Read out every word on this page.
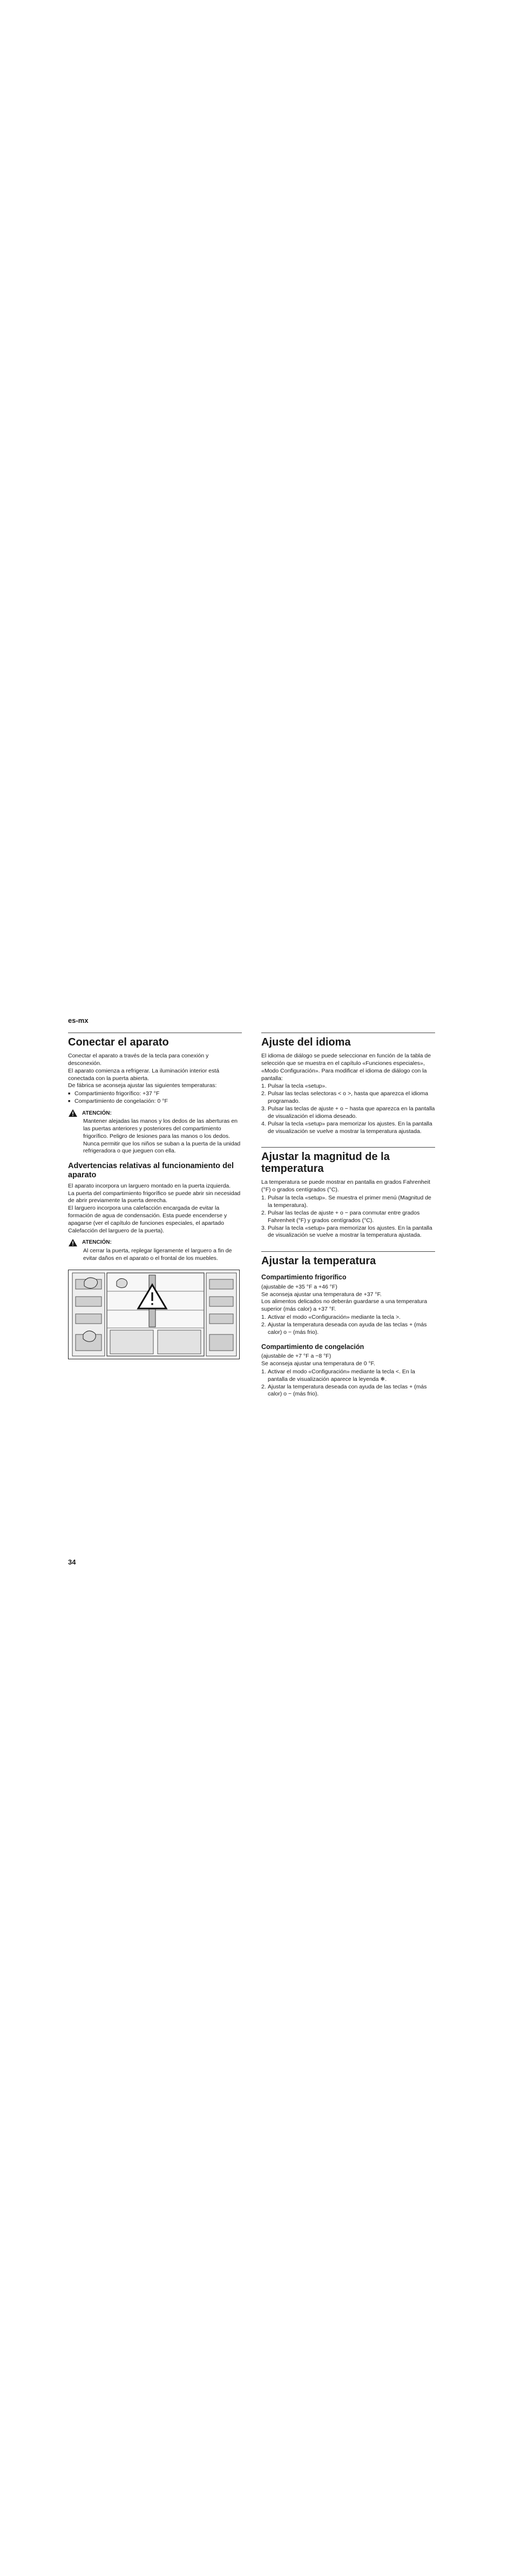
es-mx
Conectar el aparato

Conectar el aparato a través de la tecla para conexión y desconexión.

El aparato comienza a refrigerar. La iluminación interior está conectada con la puerta abierta.

De fábrica se aconseja ajustar las siguientes temperaturas:

■ Compartimiento frigorífico: +37 °F
■ Compartimiento de congelación: 0 °F
ATENCIÓN:
Mantener alejadas las manos y los dedos de las aberturas en las puertas anteriores y posteriores del compartimiento frigorífico. Peligro de lesiones para las manos o los dedos. Nunca permitir que los niños se suban a la puerta de la unidad refrigeradora o que jueguen con ella.
Advertencias relativas al funcionamiento del aparato

El aparato incorpora un larguero montado en la puerta izquierda.

La puerta del compartimiento frigorífico se puede abrir sin necesidad de abrir previamente la puerta derecha.

El larguero incorpora una calefacción encargada de evitar la formación de agua de condensación. Esta puede encenderse y apagarse (ver el capítulo de funciones especiales, el apartado Calefacción del larguero de la puerta).

ATENCIÓN:
Al cerrar la puerta, replegar ligeramente el larguero a fin de evitar daños en el aparato o el frontal de los muebles.
Ajuste del idioma

El idioma de diálogo se puede seleccionar en función de la tabla de selección que se muestra en el capítulo «Funciones especiales», «Modo Configuración». Para modificar el idioma de diálogo con la pantalla:

1. Pulsar la tecla «setup».
2. Pulsar las teclas selectoras < o >, hasta que aparezca el idioma programado.
3. Pulsar las teclas de ajuste + o − hasta que aparezca en la pantalla de visualización el idioma deseado.
4. Pulsar la tecla «setup» para memorizar los ajustes. En la pantalla de visualización se vuelve a mostrar la temperatura ajustada.
Ajustar la magnitud de la temperatura

La temperatura se puede mostrar en pantalla en grados Fahrenheit (°F) o grados centígrados (°C).

1. Pulsar la tecla «setup». Se muestra el primer menú (Magnitud de la temperatura).
2. Pulsar las teclas de ajuste + o − para conmutar entre grados Fahrenheit (°F) y grados centígrados (°C).
3. Pulsar la tecla «setup» para memorizar los ajustes. En la pantalla de visualización se vuelve a mostrar la temperatura ajustada.
Ajustar la temperatura
Compartimiento frigorífico

(ajustable de +35 °F a +46 °F)

Se aconseja ajustar una temperatura de +37 °F.

Los alimentos delicados no deberán guardarse a una temperatura superior (más calor) a +37 °F.

1. Activar el modo «Configuración» mediante la tecla >.
2. Ajustar la temperatura deseada con ayuda de las teclas + (más calor) o − (más frio).
Compartimiento de congelación

(ajustable de +7 °F a −8 °F)

Se aconseja ajustar una temperatura de 0 °F.

1. Activar el modo «Configuración» mediante la tecla <. En la pantalla de visualización aparece la leyenda ❄.
2. Ajustar la temperatura deseada con ayuda de las teclas + (más calor) o − (más frio).
34
